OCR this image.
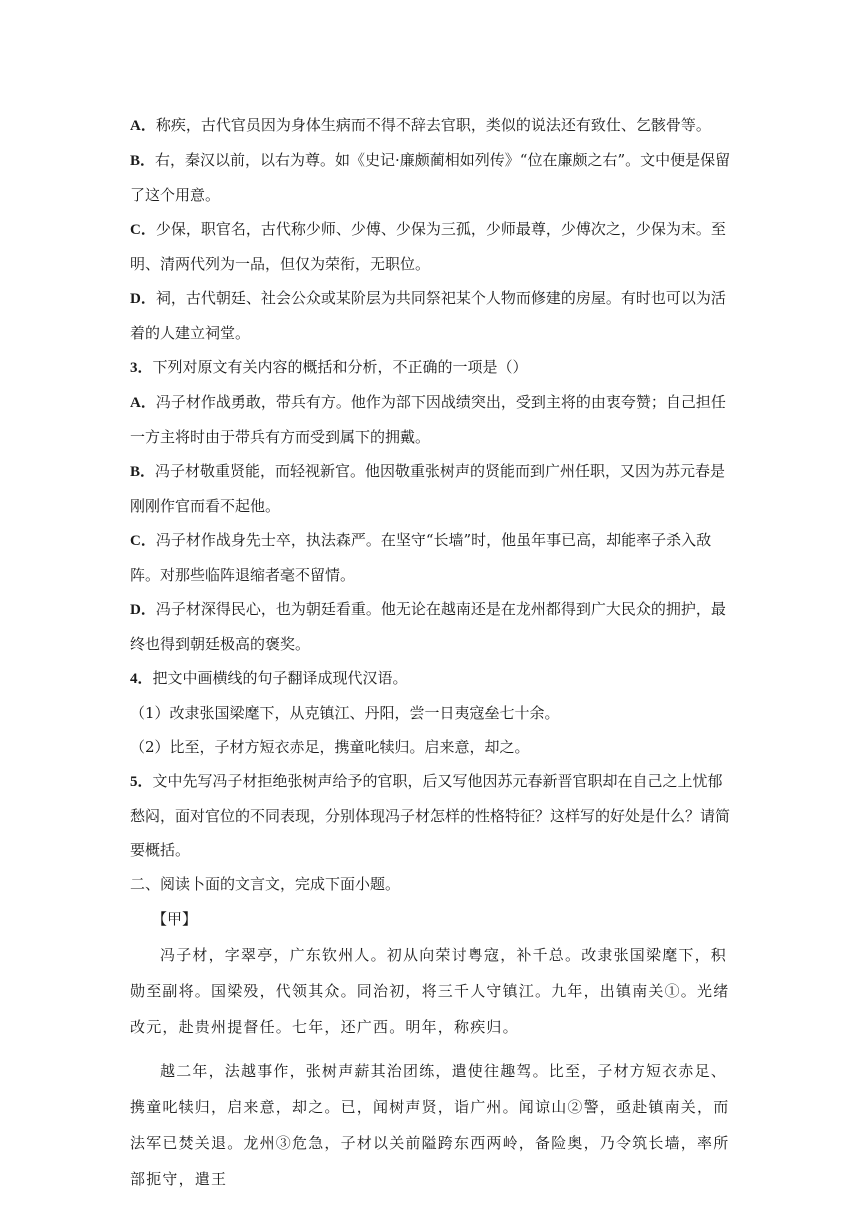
A．称疾，古代官员因为身体生病而不得不辞去官职，类似的说法还有致仕、乞骸骨等。

B．右，秦汉以前，以右为尊。如《史记·廉颇蔺相如列传》“位在廉颇之右”。文中便是保留了这个用意。

C．少保，职官名，古代称少师、少傅、少保为三孤，少师最尊，少傅次之，少保为末。至明、清两代列为一品，但仅为荣衔，无职位。

D．祠，古代朝廷、社会公众或某阶层为共同祭祀某个人物而修建的房屋。有时也可以为活着的人建立祠堂。

3．下列对原文有关内容的概括和分析，不正确的一项是（）

A．冯子材作战勇敢，带兵有方。他作为部下因战绩突出，受到主将的由衷夸赞；自己担任一方主将时由于带兵有方而受到属下的拥戴。

B．冯子材敬重贤能，而轻视新官。他因敬重张树声的贤能而到广州任职，又因为苏元春是刚刚作官而看不起他。

C．冯子材作战身先士卒，执法森严。在坚守“长墙”时，他虽年事已高，却能率子杀入敌阵。对那些临阵退缩者毫不留情。

D．冯子材深得民心，也为朝廷看重。他无论在越南还是在龙州都得到广大民众的拥护，最终也得到朝廷极高的褒奖。

4．把文中画横线的句子翻译成现代汉语。

（1）改隶张国梁麾下，从克镇江、丹阳，尝一日夷寇垒七十余。

（2）比至，子材方短衣赤足，携童叱犊归。启来意，却之。

5．文中先写冯子材拒绝张树声给予的官职，后又写他因苏元春新晋官职却在自己之上忧郁愁闷，面对官位的不同表现，分别体现冯子材怎样的性格特征？这样写的好处是什么？请简要概括。

二、阅读卜面的文言文，完成下面小题。

【甲】

冯子材，字翠亭，广东钦州人。初从向荣讨粤寇，补千总。改隶张国梁麾下，积勋至副将。国梁殁，代领其众。同治初，将三千人守镇江。九年，出镇南关①。光绪改元，赴贵州提督任。七年，还广西。明年，称疾归。

越二年，法越事作，张树声薪其治团练，遣使往趣驾。比至，子材方短衣赤足、携童叱犊归，启来意，却之。已，闻树声贤，诣广州。闻谅山②警，亟赴镇南关，而法军已焚关退。龙州③危急，子材以关前隘跨东西两岭，备险奥，乃令筑长墙，率所部扼守，遣王
